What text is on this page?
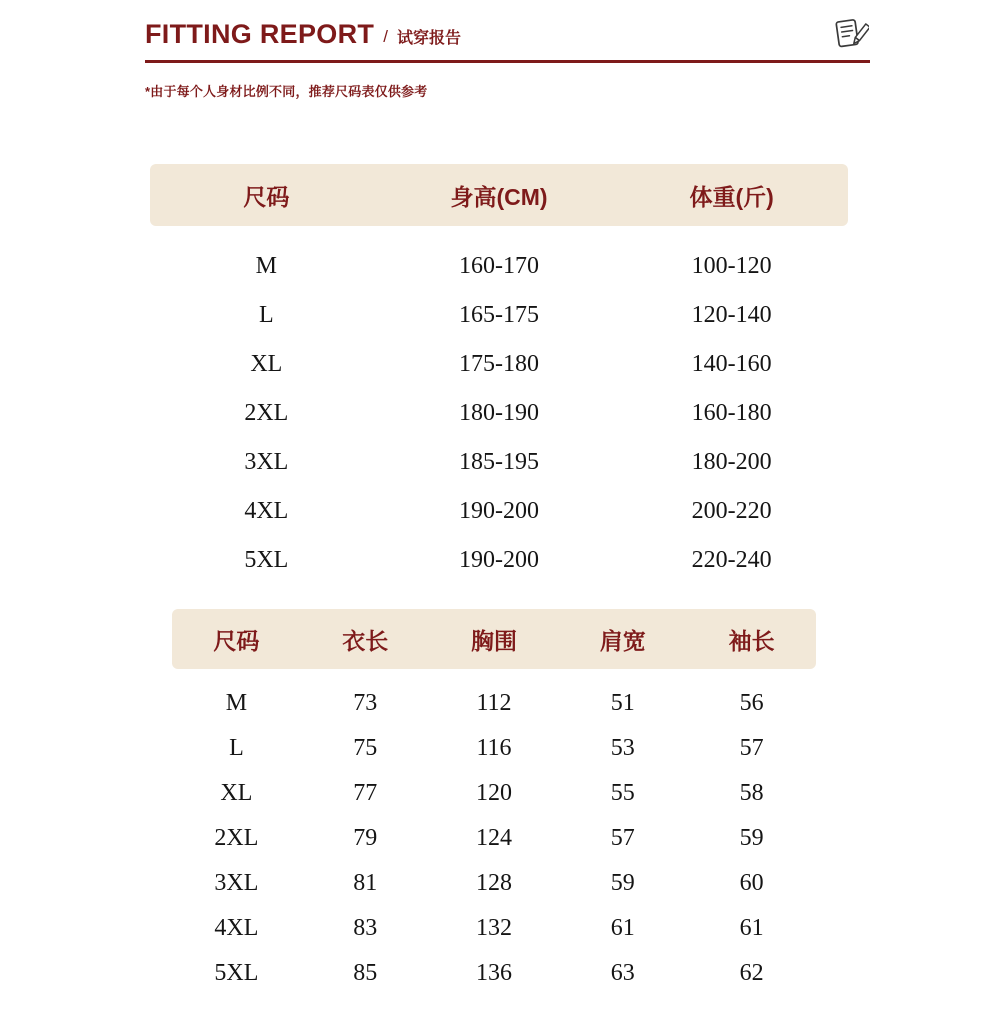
FITTING REPORT / 试穿报告

*由于每个人身材比例不同，推荐尺码表仅供参考

尺码	身高(CM)	体重(斤)
M	160-170	100-120
L	165-175	120-140
XL	175-180	140-160
2XL	180-190	160-180
3XL	185-195	180-200
4XL	190-200	200-220
5XL	190-200	220-240
尺码	衣长	胸围	肩宽	袖长
M	73	112	51	56
L	75	116	53	57
XL	77	120	55	58
2XL	79	124	57	59
3XL	81	128	59	60
4XL	83	132	61	61
5XL	85	136	63	62
